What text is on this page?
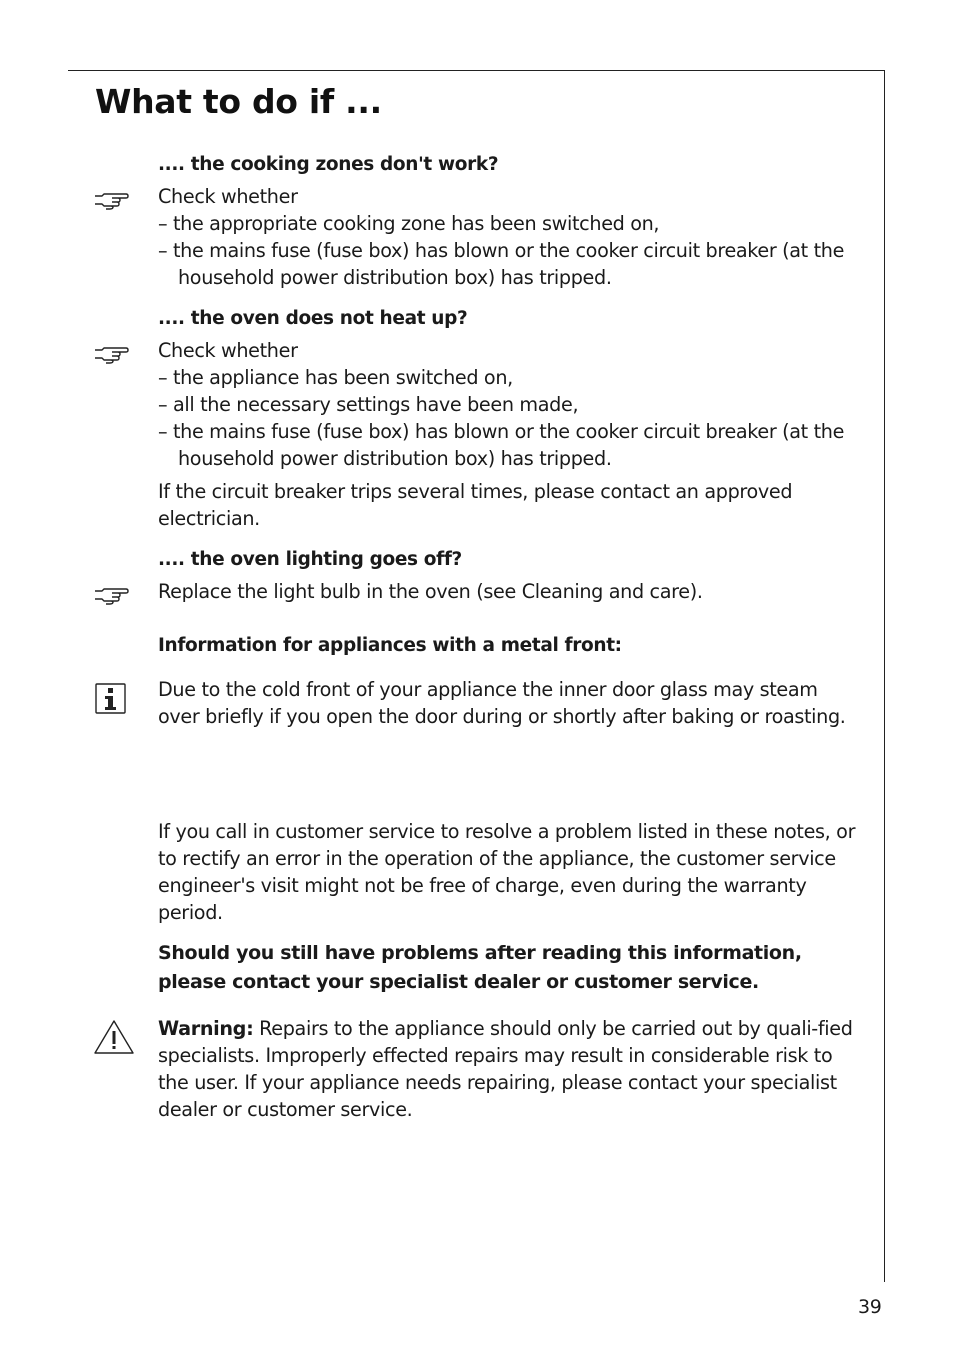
What to do if ...
.... the cooking zones don't work?
Check whether
– the appropriate cooking zone has been switched on,
– the mains fuse (fuse box) has blown or the cooker circuit breaker (at the household power distribution box) has tripped.
.... the oven does not heat up?
Check whether
– the appliance has been switched on,
– all the necessary settings have been made,
– the mains fuse (fuse box) has blown or the cooker circuit breaker (at the household power distribution box) has tripped.
If the circuit breaker trips several times, please contact an approved electrician.
.... the oven lighting goes off?
Replace the light bulb in the oven (see Cleaning and care).
Information for appliances with a metal front:
Due to the cold front of your appliance the inner door glass may steam over briefly if you open the door during or shortly after baking or roasting.
If you call in customer service to resolve a problem listed in these notes, or to rectify an error in the operation of the appliance, the customer service engineer's visit might not be free of charge, even during the warranty period.
Should you still have problems after reading this information, please contact your specialist dealer or customer service.
Warning: Repairs to the appliance should only be carried out by quali-fied specialists. Improperly effected repairs may result in considerable risk to the user. If your appliance needs repairing, please contact your specialist dealer or customer service.
39
